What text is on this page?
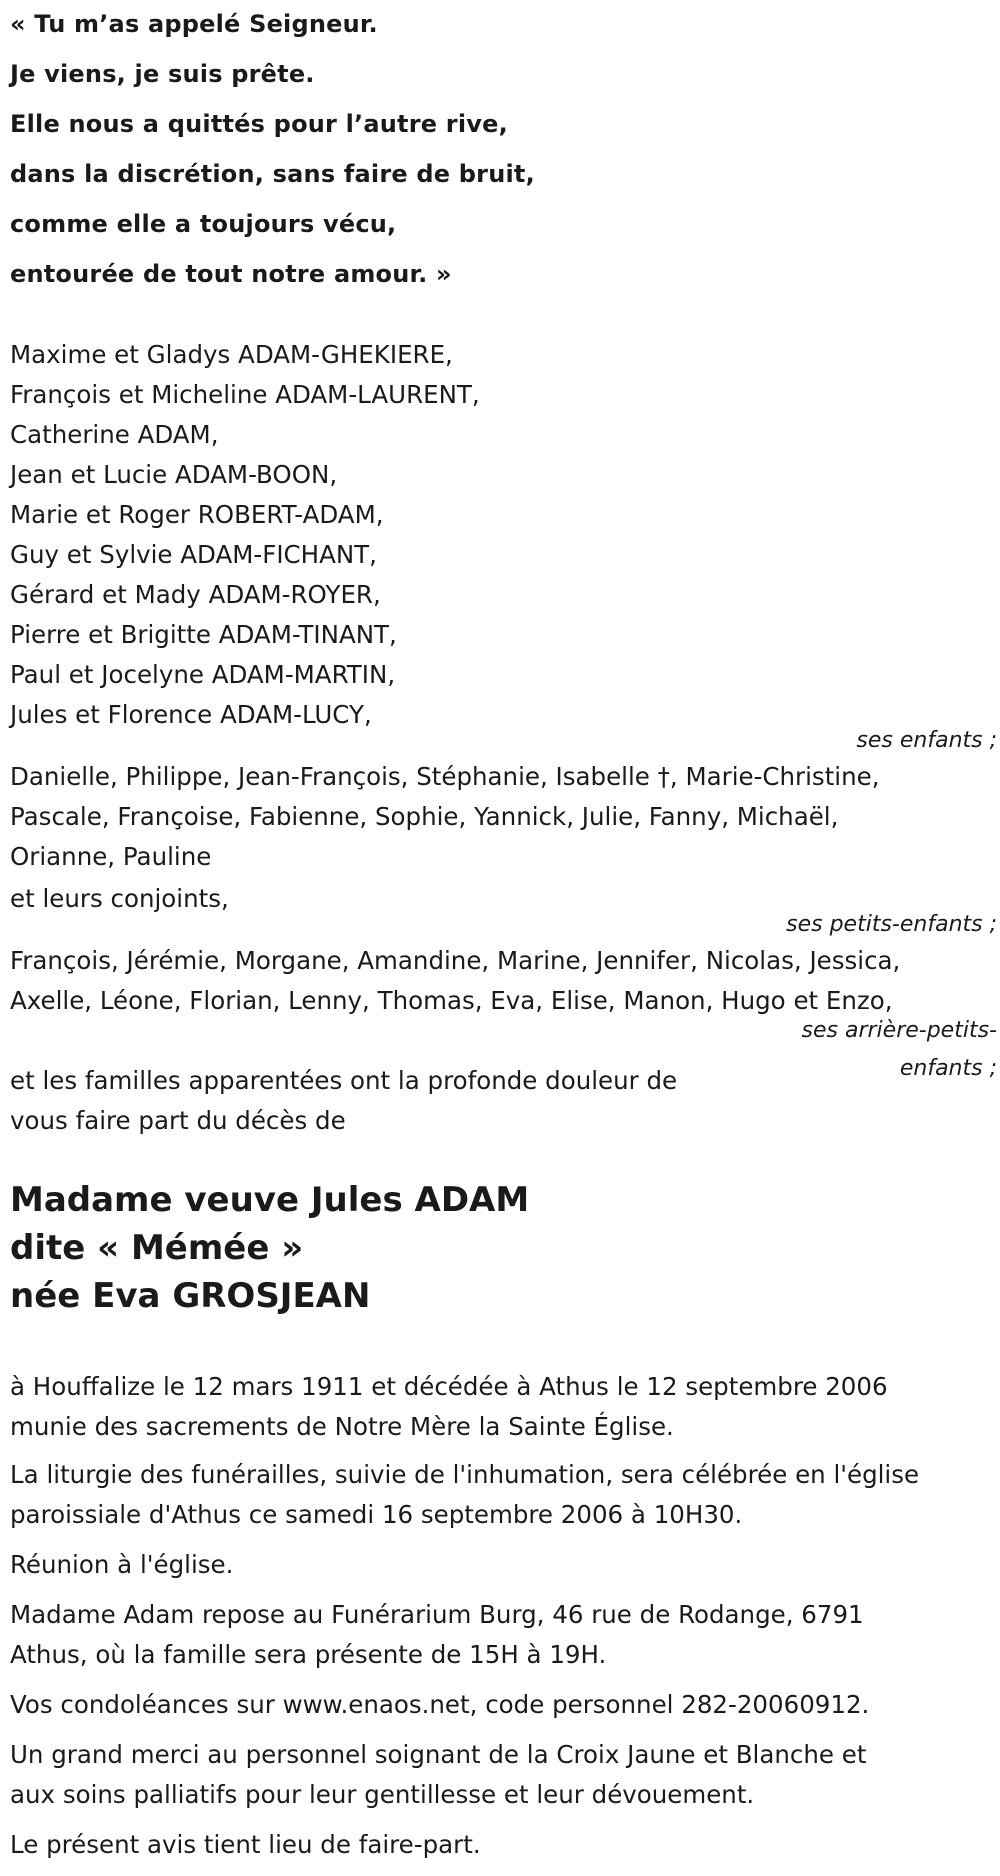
« Tu m’as appelé Seigneur.
Je viens, je suis prête.
Elle nous a quittés pour l’autre rive,
dans la discrétion, sans faire de bruit,
comme elle a toujours vécu,
entourée de tout notre amour. »
Maxime et Gladys ADAM-GHEKIERE,
François et Micheline ADAM-LAURENT,
Catherine ADAM,
Jean et Lucie ADAM-BOON,
Marie et Roger ROBERT-ADAM,
Guy et Sylvie ADAM-FICHANT,
Gérard et Mady ADAM-ROYER,
Pierre et Brigitte ADAM-TINANT,
Paul et Jocelyne ADAM-MARTIN,
Jules et Florence ADAM-LUCY,
ses enfants ;
Danielle, Philippe, Jean-François, Stéphanie, Isabelle †, Marie-Christine,
Pascale, Françoise, Fabienne, Sophie, Yannick, Julie, Fanny, Michaël,
Orianne, Pauline
et leurs conjoints,
ses petits-enfants ;
François, Jérémie, Morgane, Amandine, Marine, Jennifer, Nicolas, Jessica,
Axelle, Léone, Florian, Lenny, Thomas, Eva, Elise, Manon, Hugo et Enzo,
ses arrière-petits-enfants ;
et les familles apparentées ont la profonde douleur de
vous faire part du décès de
Madame veuve Jules ADAM
dite « Mémée »
née Eva GROSJEAN
à Houffalize le 12 mars 1911 et décédée à Athus le 12 septembre 2006
munie des sacrements de Notre Mère la Sainte Église.
La liturgie des funérailles, suivie de l'inhumation, sera célébrée en l'église
paroissiale d'Athus ce samedi 16 septembre 2006 à 10H30.
Réunion à l'église.
Madame Adam repose au Funérarium Burg, 46 rue de Rodange, 6791
Athus, où la famille sera présente de 15H à 19H.
Vos condoléances sur www.enaos.net, code personnel 282-20060912.
Un grand merci au personnel soignant de la Croix Jaune et Blanche et
aux soins palliatifs pour leur gentillesse et leur dévouement.
Le présent avis tient lieu de faire-part.
